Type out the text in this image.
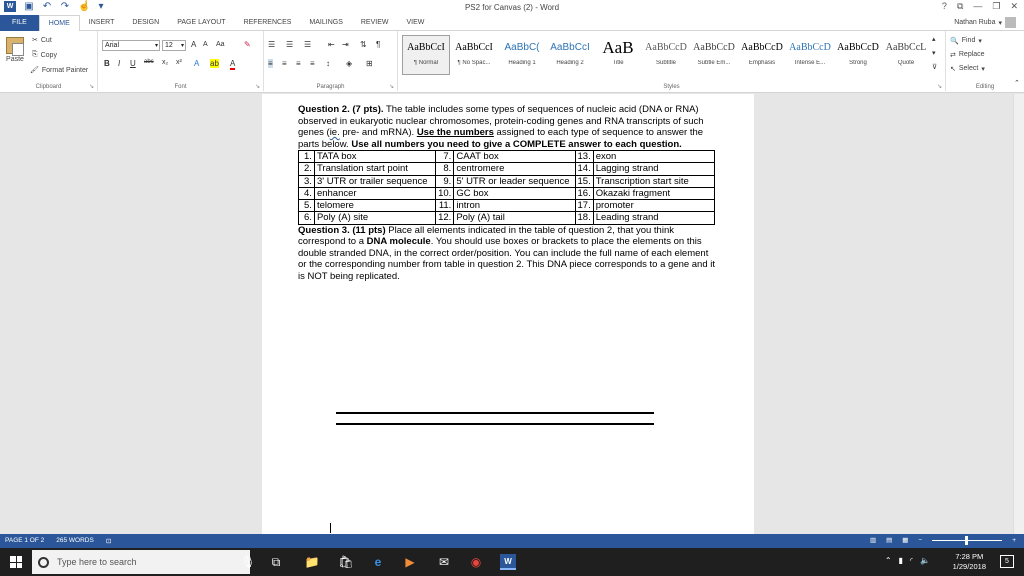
W ▣ ↶ ↷ ☝ ▾	PS2 for Canvas (2) - Word	? ⧉ — ❐ ✕
FILE	HOME	INSERT	DESIGN	PAGE LAYOUT	REFERENCES	MAILINGS	REVIEW	VIEW	Nathan Ruba ▾
Paste
✂ Cut
⎘ Copy
🖌 Format Painter
Clipboard	↘
Arial	▾	12 ▾ A A Aa ✎
B I U abc x₂ x² A ab A
Font	↘
☰ ☰ ☰ ⇤ ⇥ ⇅ ¶
≡ ≡ ≡ ≡ ↕ ◈ ⊞
Paragraph	↘
AaBbCcI
¶ Normal
AaBbCcI
¶ No Spac...
AaBbC(
Heading 1
AaBbCcI
Heading 2
AaB
Title
AaBbCcD
Subtitle
AaBbCcD
Subtle Em...
AaBbCcD
Emphasis
AaBbCcD
Intense E...
AaBbCcD
Strong
AaBbCcL
Quote
▴
▾
⊽
Styles	↘
🔍 Find ▾
⇄ Replace
↖ Select ▾
Editing	⌃

Question 2. (7 pts). The table includes some types of sequences of nucleic acid (DNA or RNA) observed in eukaryotic nuclear chromosomes, protein-coding genes and RNA transcripts of such genes (ie. pre- and mRNA). Use the numbers assigned to each type of sequence to answer the parts below. Use all numbers you need to give a COMPLETE answer to each question.

1.	TATA box	7.	CAAT box	13.	exon
2.	Translation start point	8.	centromere	14.	Lagging strand
3.	3' UTR or trailer sequence	9.	5' UTR or leader sequence	15.	Transcription start site
4.	enhancer	10.	GC box	16.	Okazaki fragment
5.	telomere	11.	intron	17.	promoter
6.	Poly (A) site	12.	Poly (A) tail	18.	Leading strand

Question 3. (11 pts) Place all elements indicated in the table of question 2, that you think correspond to a DNA molecule. You should use boxes or brackets to place the elements on this double stranded DNA, in the correct order/position. You can include the full name of each element or the corresponding number from table in question 2. This DNA piece corresponds to a gene and it is NOT being replicated.

PAGE 1 OF 2 265 WORDS ⊡	▥ ▤ ▦ −	+
Type here to search	🎙	⧉	📁 🛍	e	▶ ✉ ◉	W	⌃ ▮ ◜ 🔈	7:28 PM
1/29/2018
5
